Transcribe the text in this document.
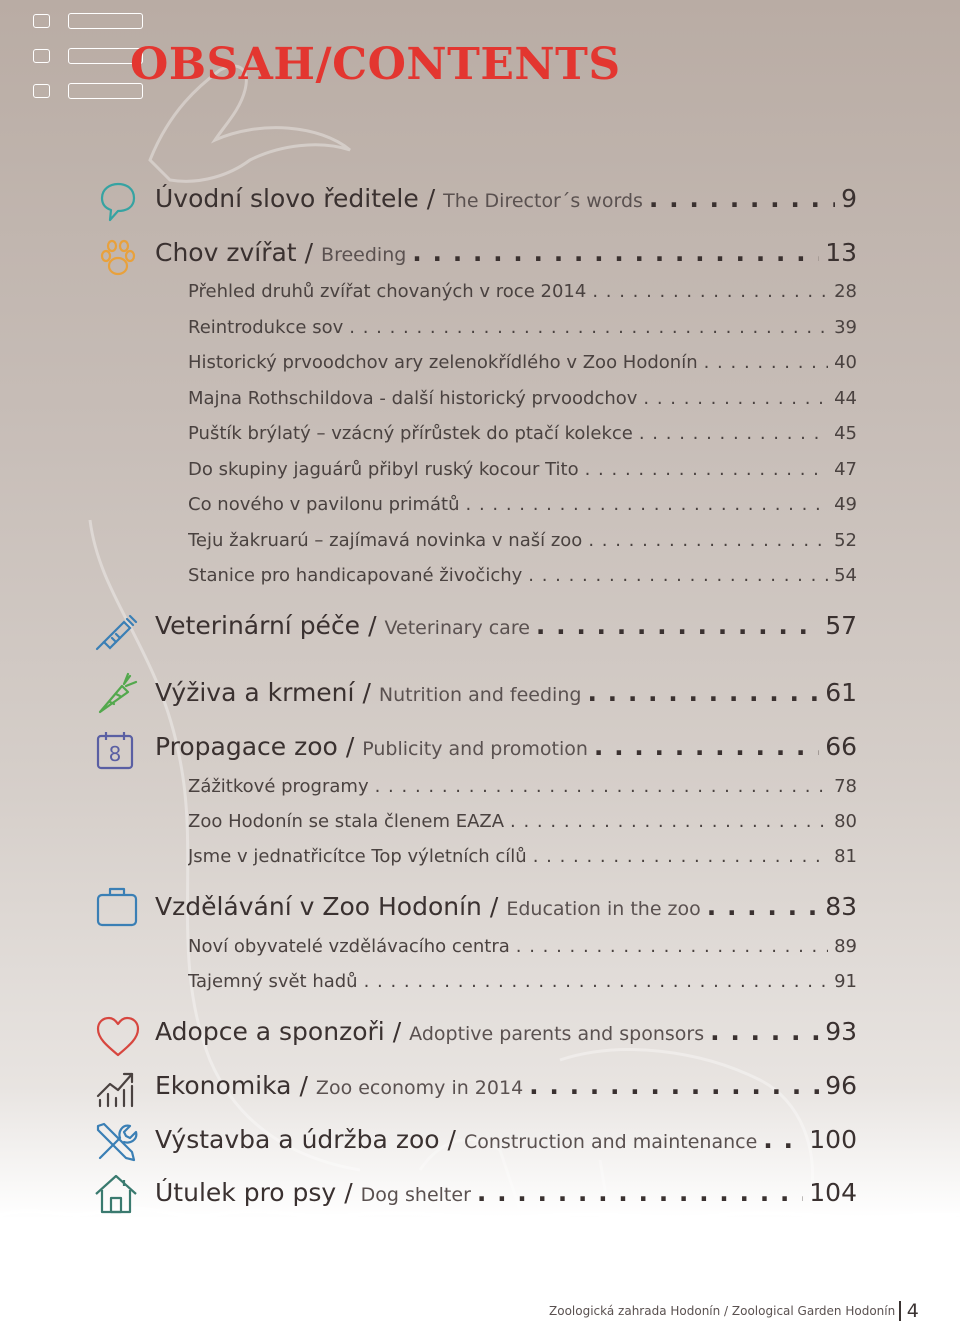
OBSAH/CONTENTS
8
Úvodní slovo ředitele / The Director´s words . . .	9
Chov zvířat / Breeding . . .	13
Přehled druhů zvířat chovaných v roce 2014 . . .	28
Reintrodukce sov . . .	39
Historický prvoodchov ary zelenokřídlého v Zoo Hodonín . . .	40
Majna Rothschildova - další historický prvoodchov . . .	44
Puštík brýlatý – vzácný přírůstek do ptačí kolekce . . .	45
Do skupiny jaguárů přibyl ruský kocour Tito . . .	47
Co nového v pavilonu primátů . . .	49
Teju žakruarú – zajímavá novinka v naší zoo . . .	52
Stanice pro handicapované živočichy . . .	54
Veterinární péče / Veterinary care . . .	57
Výživa a krmení / Nutrition and feeding . . .	61
Propagace zoo / Publicity and promotion . . .	66
Zážitkové programy . . .	78
Zoo Hodonín se stala členem EAZA . . .	80
Jsme v jednatřicítce Top výletních cílů . . .	81
Vzdělávání v Zoo Hodonín / Education in the zoo . . .	83
Noví obyvatelé vzdělávacího centra . . .	89
Tajemný svět hadů . . .	91
Adopce a sponzoři / Adoptive parents and sponsors . . .	93
Ekonomika / Zoo economy in 2014 . . .	96
Výstavba a údržba zoo / Construction and maintenance . . . 100
Útulek pro psy / Dog shelter . . .	104
Zoologická zahrada Hodonín / Zoological Garden Hodonín 4
